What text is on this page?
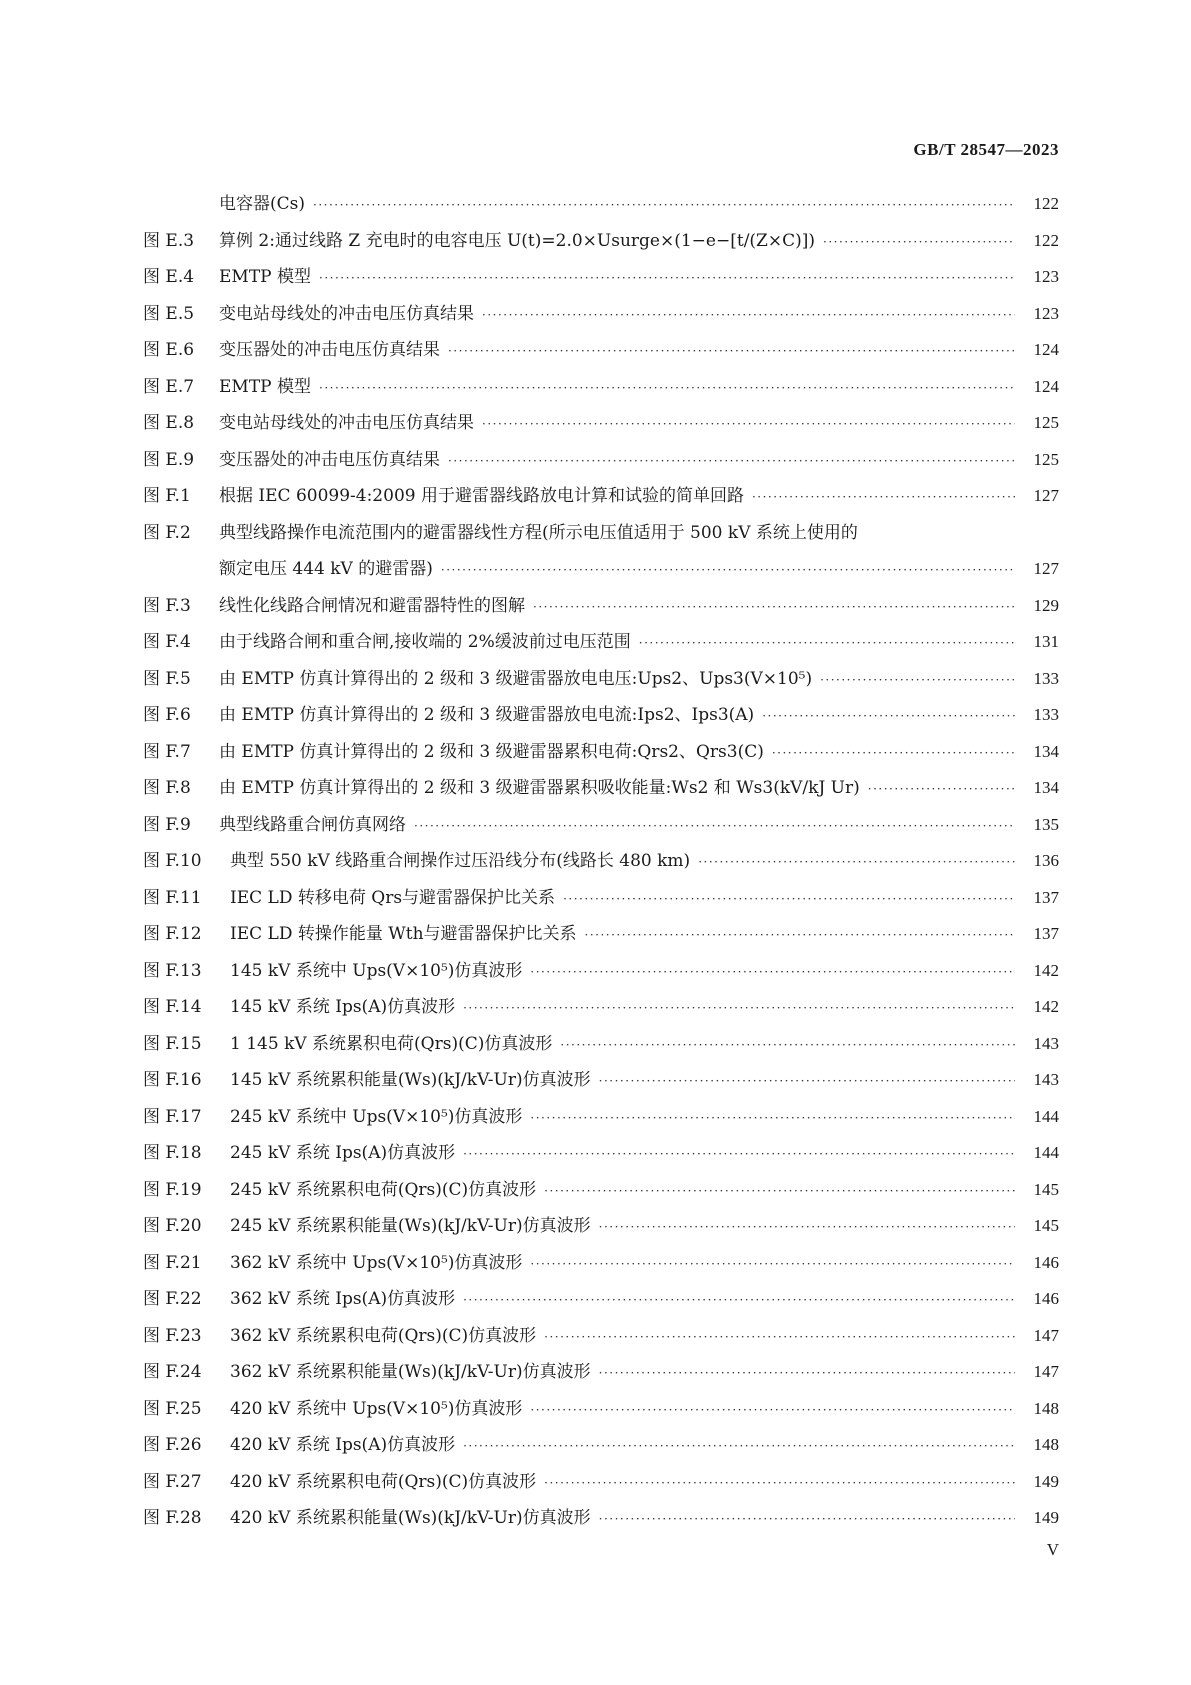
GB/T 28547—2023
电容器(Cs) ·····	122
图 E.3	算例 2:通过线路 Z 充电时的电容电压 U(t)=2.0×Usurge×(1−e−[t/(Z×C)]) ·····	122
图 E.4	EMTP 模型 ·····	123
图 E.5	变电站母线处的冲击电压仿真结果 ·····	123
图 E.6	变压器处的冲击电压仿真结果 ·····	124
图 E.7	EMTP 模型 ·····	124
图 E.8	变电站母线处的冲击电压仿真结果 ·····	125
图 E.9	变压器处的冲击电压仿真结果 ·····	125
图 F.1	根据 IEC 60099-4:2009 用于避雷器线路放电计算和试验的简单回路 ·····	127
图 F.2	典型线路操作电流范围内的避雷器线性方程(所示电压值适用于 500 kV 系统上使用的
额定电压 444 kV 的避雷器) ·····	127
图 F.3	线性化线路合闸情况和避雷器特性的图解 ·····	129
图 F.4	由于线路合闸和重合闸,接收端的 2%缓波前过电压范围 ·····	131
图 F.5	由 EMTP 仿真计算得出的 2 级和 3 级避雷器放电电压:Ups2、Ups3(V×10⁵) ·····	133
图 F.6	由 EMTP 仿真计算得出的 2 级和 3 级避雷器放电电流:Ips2、Ips3(A) ·····	133
图 F.7	由 EMTP 仿真计算得出的 2 级和 3 级避雷器累积电荷:Qrs2、Qrs3(C) ·····	134
图 F.8	由 EMTP 仿真计算得出的 2 级和 3 级避雷器累积吸收能量:Ws2 和 Ws3(kV/kJ Ur) ·····	134
图 F.9	典型线路重合闸仿真网络 ·····	135
图 F.10	典型 550 kV 线路重合闸操作过压沿线分布(线路长 480 km) ·····	136
图 F.11	IEC LD 转移电荷 Qrs与避雷器保护比关系 ·····	137
图 F.12	IEC LD 转操作能量 Wth与避雷器保护比关系 ·····	137
图 F.13	145 kV 系统中 Ups(V×10⁵)仿真波形 ·····	142
图 F.14	145 kV 系统 Ips(A)仿真波形 ·····	142
图 F.15	1 145 kV 系统累积电荷(Qrs)(C)仿真波形 ·····	143
图 F.16	145 kV 系统累积能量(Ws)(kJ/kV-Ur)仿真波形 ·····	143
图 F.17	245 kV 系统中 Ups(V×10⁵)仿真波形 ·····	144
图 F.18	245 kV 系统 Ips(A)仿真波形 ·····	144
图 F.19	245 kV 系统累积电荷(Qrs)(C)仿真波形 ·····	145
图 F.20	245 kV 系统累积能量(Ws)(kJ/kV-Ur)仿真波形 ·····	145
图 F.21	362 kV 系统中 Ups(V×10⁵)仿真波形 ·····	146
图 F.22	362 kV 系统 Ips(A)仿真波形 ·····	146
图 F.23	362 kV 系统累积电荷(Qrs)(C)仿真波形 ·····	147
图 F.24	362 kV 系统累积能量(Ws)(kJ/kV-Ur)仿真波形 ·····	147
图 F.25	420 kV 系统中 Ups(V×10⁵)仿真波形 ·····	148
图 F.26	420 kV 系统 Ips(A)仿真波形 ·····	148
图 F.27	420 kV 系统累积电荷(Qrs)(C)仿真波形 ·····	149
图 F.28	420 kV 系统累积能量(Ws)(kJ/kV-Ur)仿真波形 ·····	149
V
